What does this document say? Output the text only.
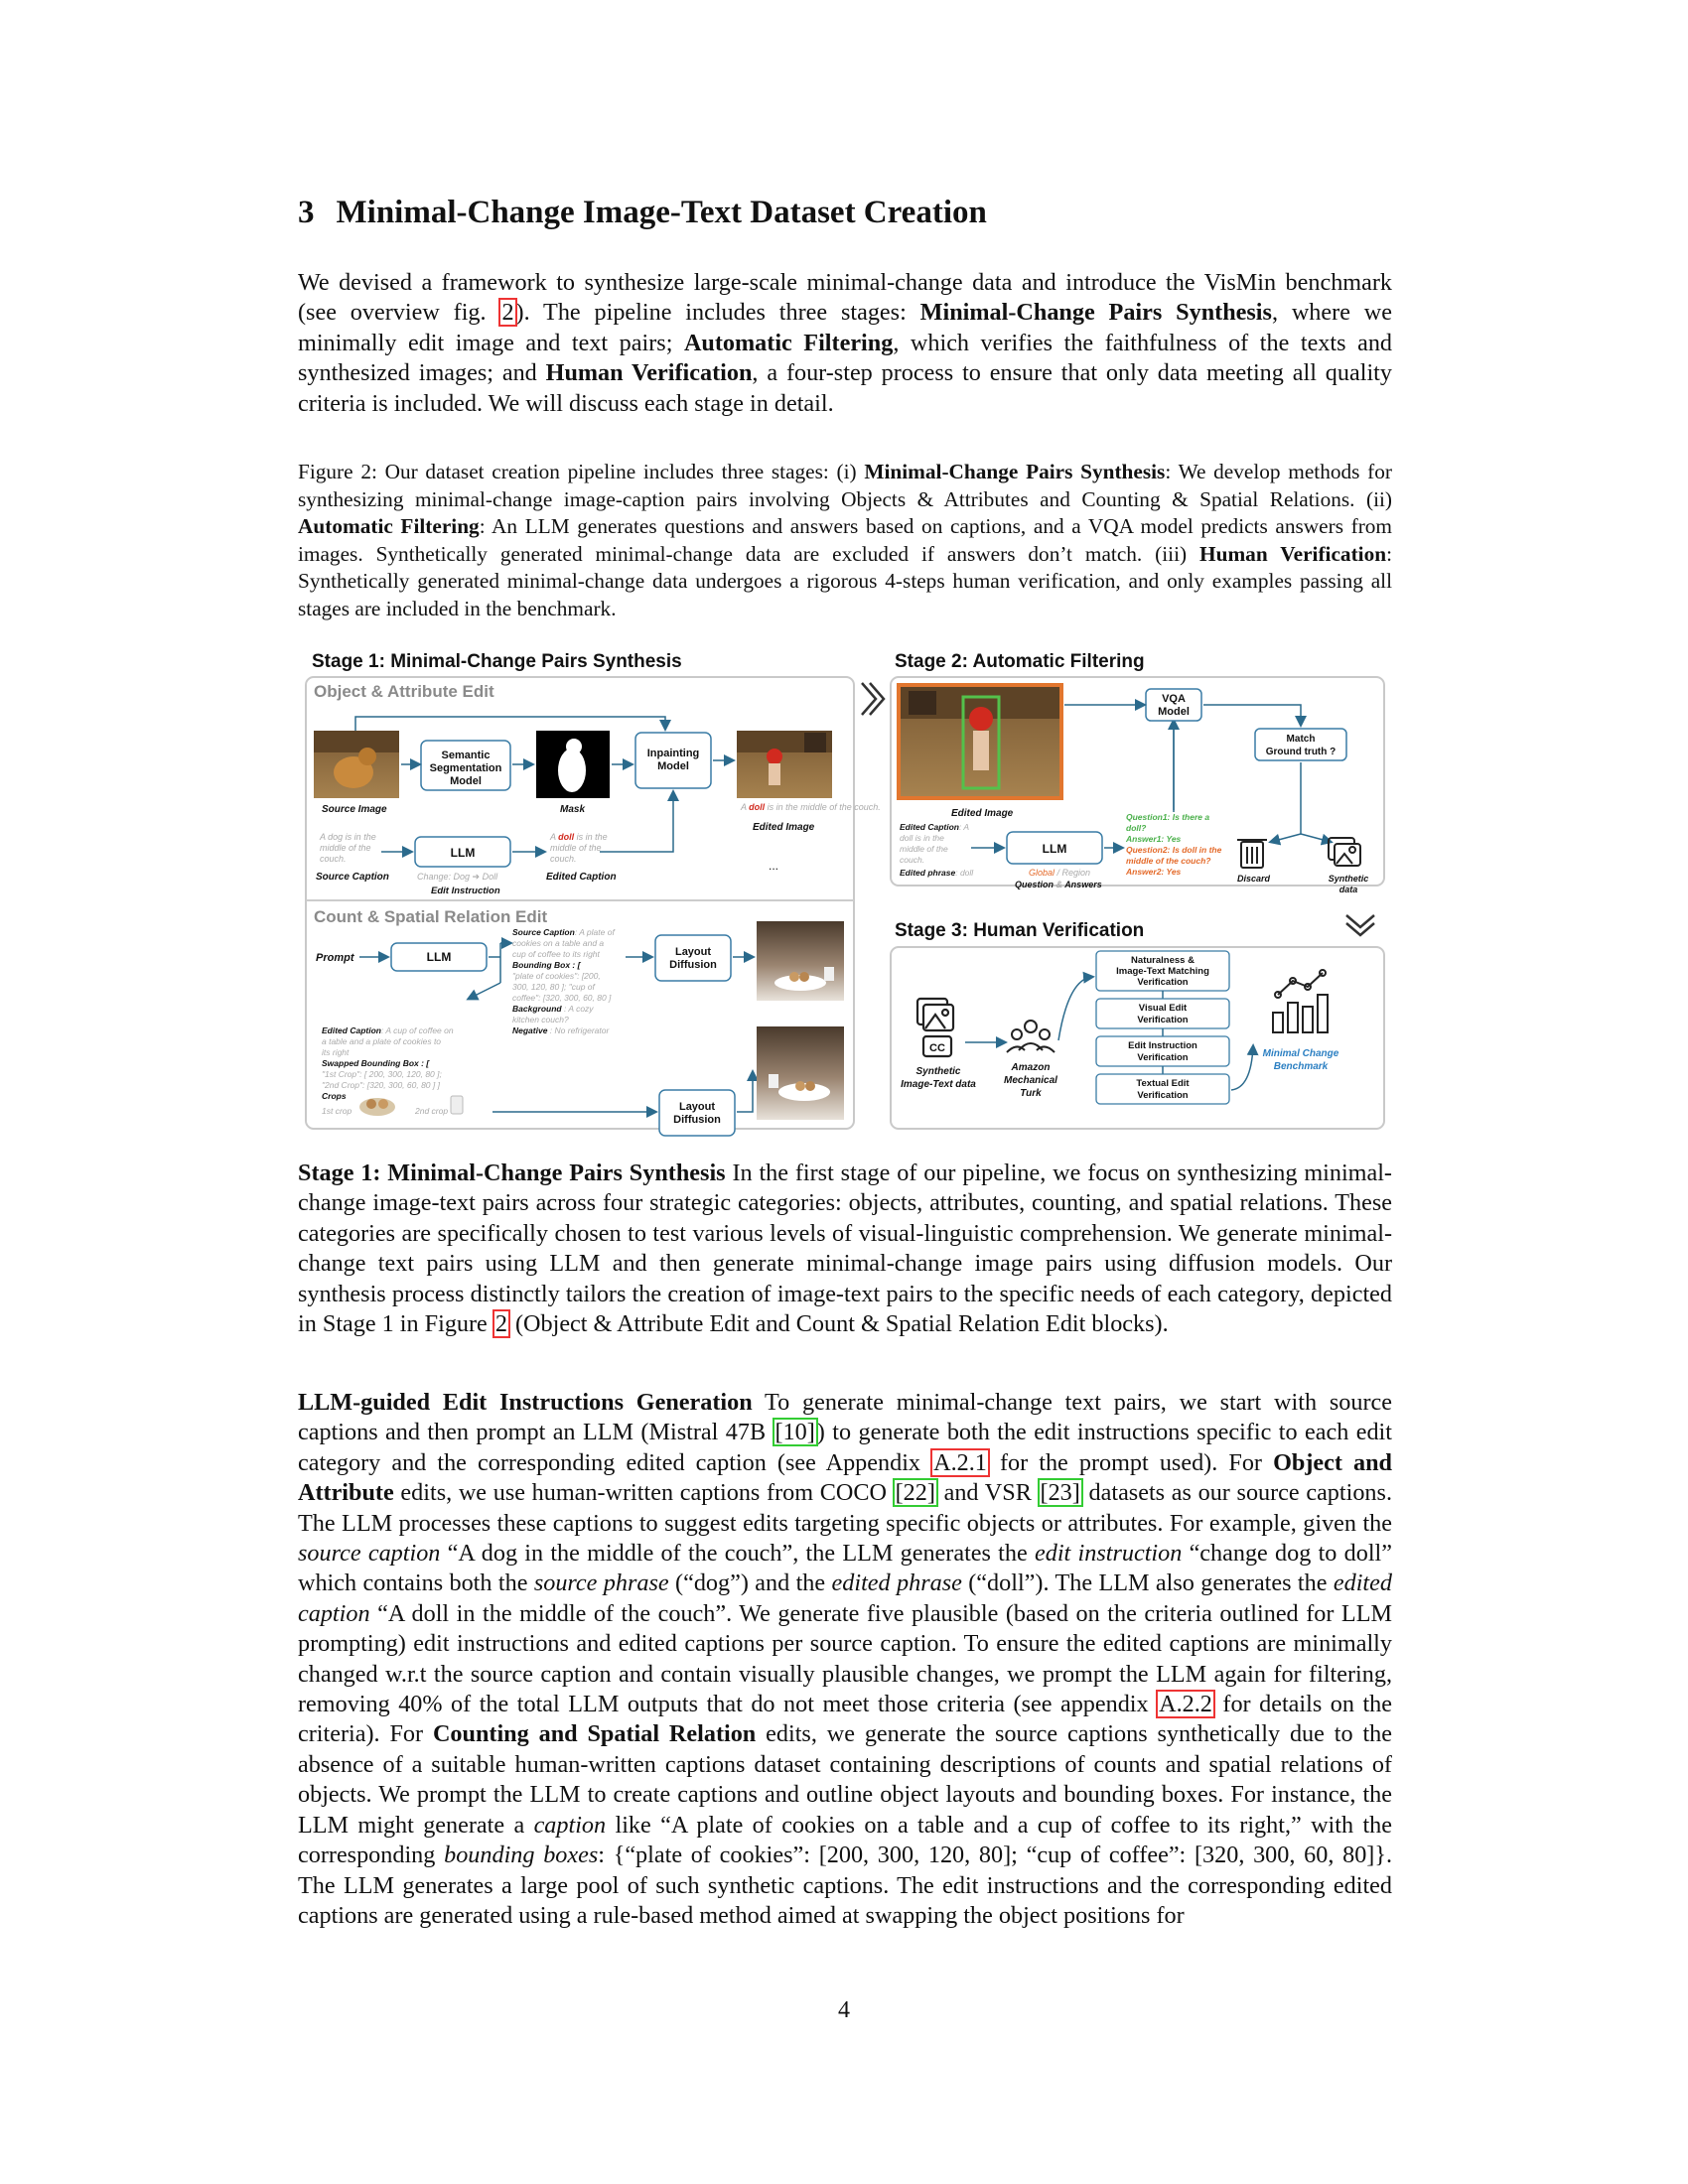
3 Minimal-Change Image-Text Dataset Creation

We devised a framework to synthesize large-scale minimal-change data and introduce the VisMin benchmark (see overview fig. 2). The pipeline includes three stages: Minimal-Change Pairs Synthesis, where we minimally edit image and text pairs; Automatic Filtering, which verifies the faithfulness of the texts and synthesized images; and Human Verification, a four-step process to ensure that only data meeting all quality criteria is included. We will discuss each stage in detail.

Figure 2: Our dataset creation pipeline includes three stages: (i) Minimal-Change Pairs Synthesis: We develop methods for synthesizing minimal-change image-caption pairs involving Objects & Attributes and Counting & Spatial Relations. (ii) Automatic Filtering: An LLM generates questions and answers based on captions, and a VQA model predicts answers from images. Synthetically generated minimal-change data are excluded if answers don’t match. (iii) Human Verification: Synthetically generated minimal-change data undergoes a rigorous 4-steps human verification, and only examples passing all stages are included in the benchmark.

Stage 1: Minimal-Change Pairs Synthesis	Stage 2: Automatic Filtering
Stage 3: Human Verification
Object & Attribute Edit
Count & Spatial Relation Edit
Source Image
Semantic Segmentation Model
Mask
Inpainting Model
A doll is in the middle of the couch.
Edited Image
A dog is in the middle of the couch.
Source Caption
LLM
Change: Dog ➔ Doll
Edit Instruction
A doll is in the middle of the couch.
Edited Caption
...
Prompt	LLM
Source Caption: A plate of cookies on a table and a cup of coffee to its right Bounding Box : [ "plate of cookies": [200, 300, 120, 80 ]; "cup of coffee": [320, 300, 60, 80 ] Background : A cozy kitchen couch? Negative : No refrigerator
Layout Diffusion
Edited Caption: A cup of coffee on a table and a plate of cookies to its right Swapped Bounding Box : [ "1st Crop": [ 200, 300, 120, 80 ]; "2nd Crop": [320, 300, 60, 80 ] ] Crops
1st crop	2nd crop	Layout Diffusion
Edited Image
Edited Caption: A doll is in the middle of the couch. Edited phrase: doll
LLM
Global / Region
Question & Answers
Question1: Is there a doll? Answer1: Yes Question2: Is doll in the middle of the couch? Answer2: Yes
VQA Model
Match Ground truth ?
Discard	Synthetic data
CC
Synthetic Image-Text data
Amazon Mechanical Turk
Naturalness & Image-Text Matching Verification
Visual Edit Verification
Edit Instruction Verification
Textual Edit Verification
Minimal Change Benchmark

Stage 1: Minimal-Change Pairs Synthesis In the first stage of our pipeline, we focus on synthesizing minimal-change image-text pairs across four strategic categories: objects, attributes, counting, and spatial relations. These categories are specifically chosen to test various levels of visual-linguistic comprehension. We generate minimal-change text pairs using LLM and then generate minimal-change image pairs using diffusion models. Our synthesis process distinctly tailors the creation of image-text pairs to the specific needs of each category, depicted in Stage 1 in Figure 2 (Object & Attribute Edit and Count & Spatial Relation Edit blocks).

LLM-guided Edit Instructions Generation To generate minimal-change text pairs, we start with source captions and then prompt an LLM (Mistral 47B [10]) to generate both the edit instructions specific to each edit category and the corresponding edited caption (see Appendix A.2.1 for the prompt used). For Object and Attribute edits, we use human-written captions from COCO [22] and VSR [23] datasets as our source captions. The LLM processes these captions to suggest edits targeting specific objects or attributes. For example, given the source caption “A dog in the middle of the couch”, the LLM generates the edit instruction “change dog to doll” which contains both the source phrase (“dog”) and the edited phrase (“doll”). The LLM also generates the edited caption “A doll in the middle of the couch”. We generate five plausible (based on the criteria outlined for LLM prompting) edit instructions and edited captions per source caption. To ensure the edited captions are minimally changed w.r.t the source caption and contain visually plausible changes, we prompt the LLM again for filtering, removing 40% of the total LLM outputs that do not meet those criteria (see appendix A.2.2 for details on the criteria). For Counting and Spatial Relation edits, we generate the source captions synthetically due to the absence of a suitable human-written captions dataset containing descriptions of counts and spatial relations of objects. We prompt the LLM to create captions and outline object layouts and bounding boxes. For instance, the LLM might generate a caption like “A plate of cookies on a table and a cup of coffee to its right,” with the corresponding bounding boxes: {“plate of cookies”: [200, 300, 120, 80]; “cup of coffee”: [320, 300, 60, 80]}. The LLM generates a large pool of such synthetic captions. The edit instructions and the corresponding edited captions are generated using a rule-based method aimed at swapping the object positions for

4
